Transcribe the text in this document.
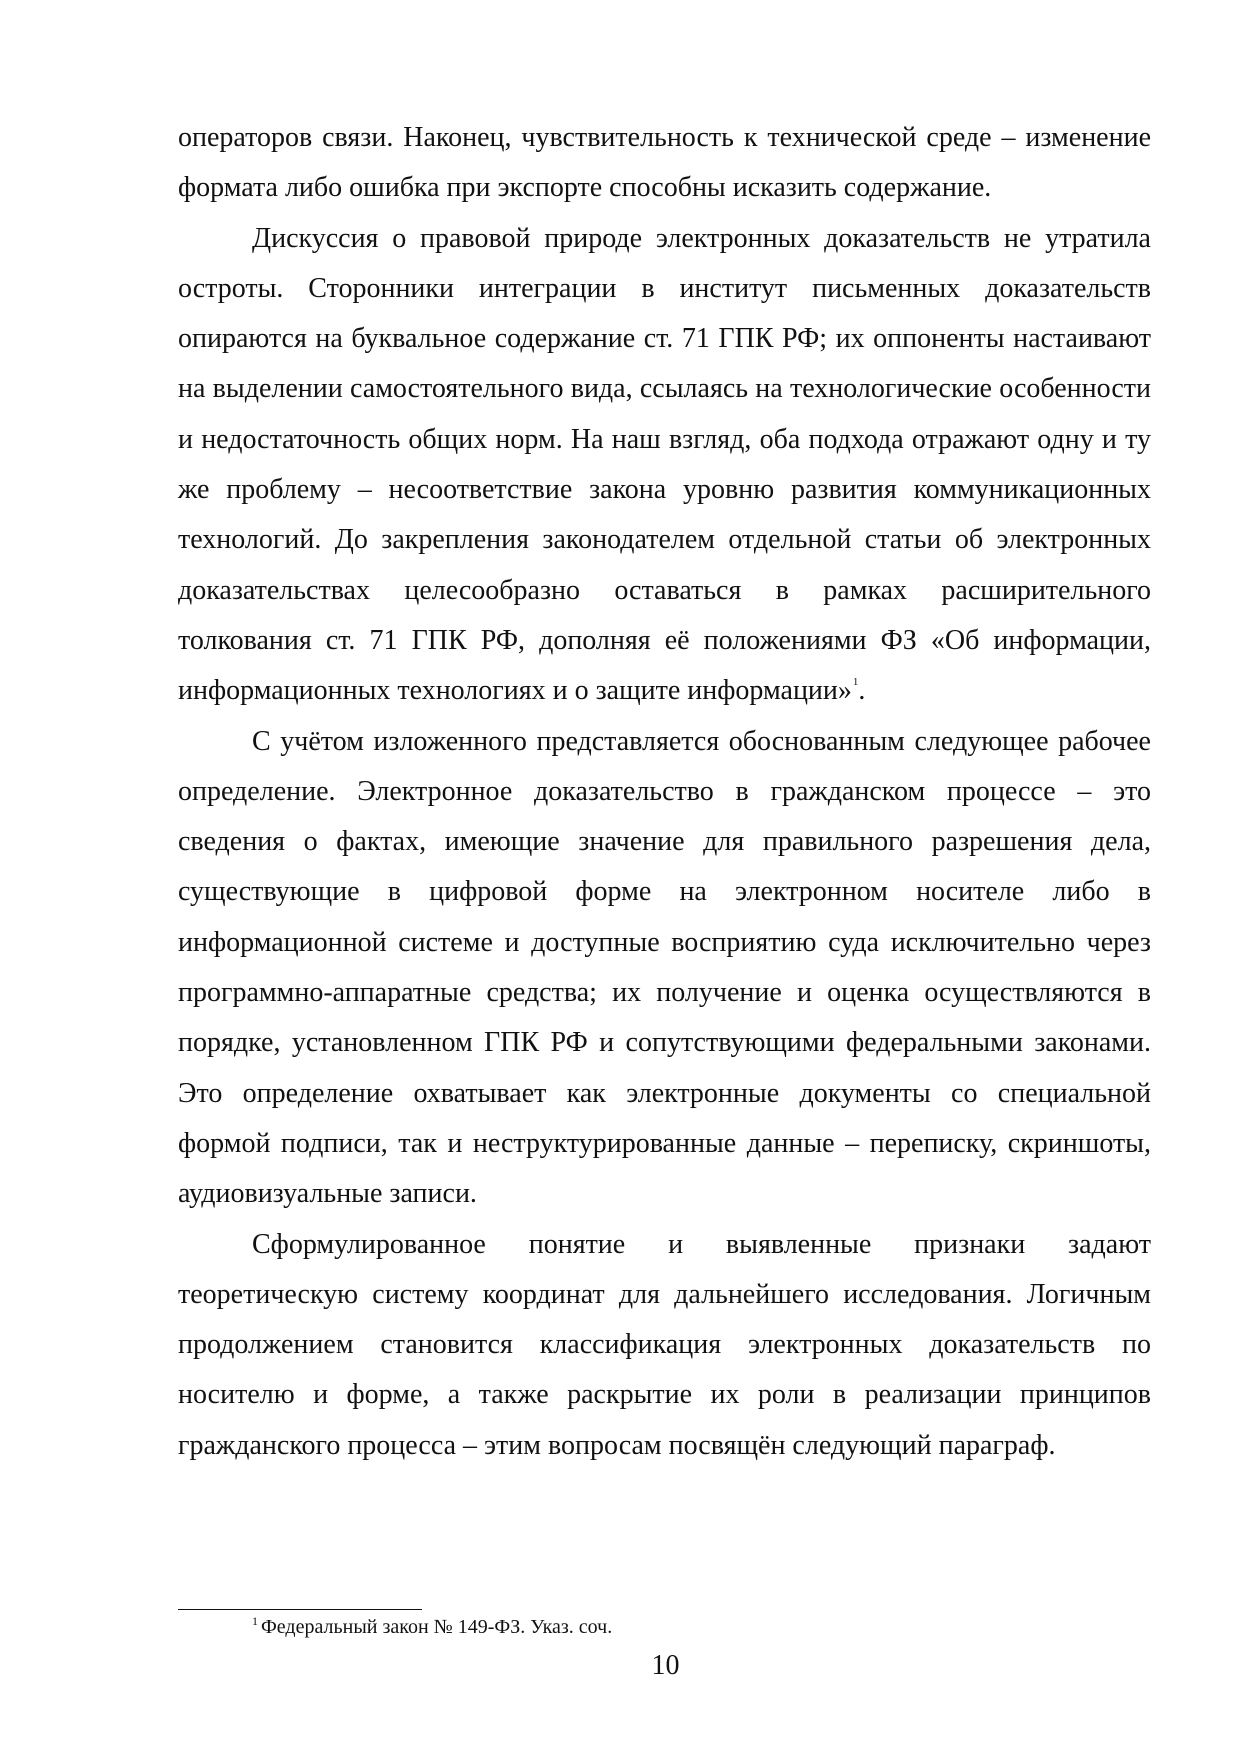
операторов связи. Наконец, чувствительность к технической среде – изменение формата либо ошибка при экспорте способны исказить содержание.

Дискуссия о правовой природе электронных доказательств не утратила остроты. Сторонники интеграции в институт письменных доказательств опираются на буквальное содержание ст. 71 ГПК РФ; их оппоненты настаивают на выделении самостоятельного вида, ссылаясь на технологические особенности и недостаточность общих норм. На наш взгляд, оба подхода отражают одну и ту же проблему – несоответствие закона уровню развития коммуникационных технологий. До закрепления законодателем отдельной статьи об электронных доказательствах целесообразно оставаться в рамках расширительного толкования ст. 71 ГПК РФ, дополняя её положениями ФЗ «Об информации, информационных технологиях и о защите информации»$^1$.

С учётом изложенного представляется обоснованным следующее рабочее определение. Электронное доказательство в гражданском процессе – это сведения о фактах, имеющие значение для правильного разрешения дела, существующие в цифровой форме на электронном носителе либо в информационной системе и доступные восприятию суда исключительно через программно-аппаратные средства; их получение и оценка осуществляются в порядке, установленном ГПК РФ и сопутствующими федеральными законами. Это определение охватывает как электронные документы со специальной формой подписи, так и неструктурированные данные – переписку, скриншоты, аудиовизуальные записи.

Сформулированное понятие и выявленные признаки задают теоретическую систему координат для дальнейшего исследования. Логичным продолжением становится классификация электронных доказательств по носителю и форме, а также раскрытие их роли в реализации принципов гражданского процесса – этим вопросам посвящён следующий параграф.

$^1$ Федеральный закон № 149-ФЗ. Указ. соч.
10
